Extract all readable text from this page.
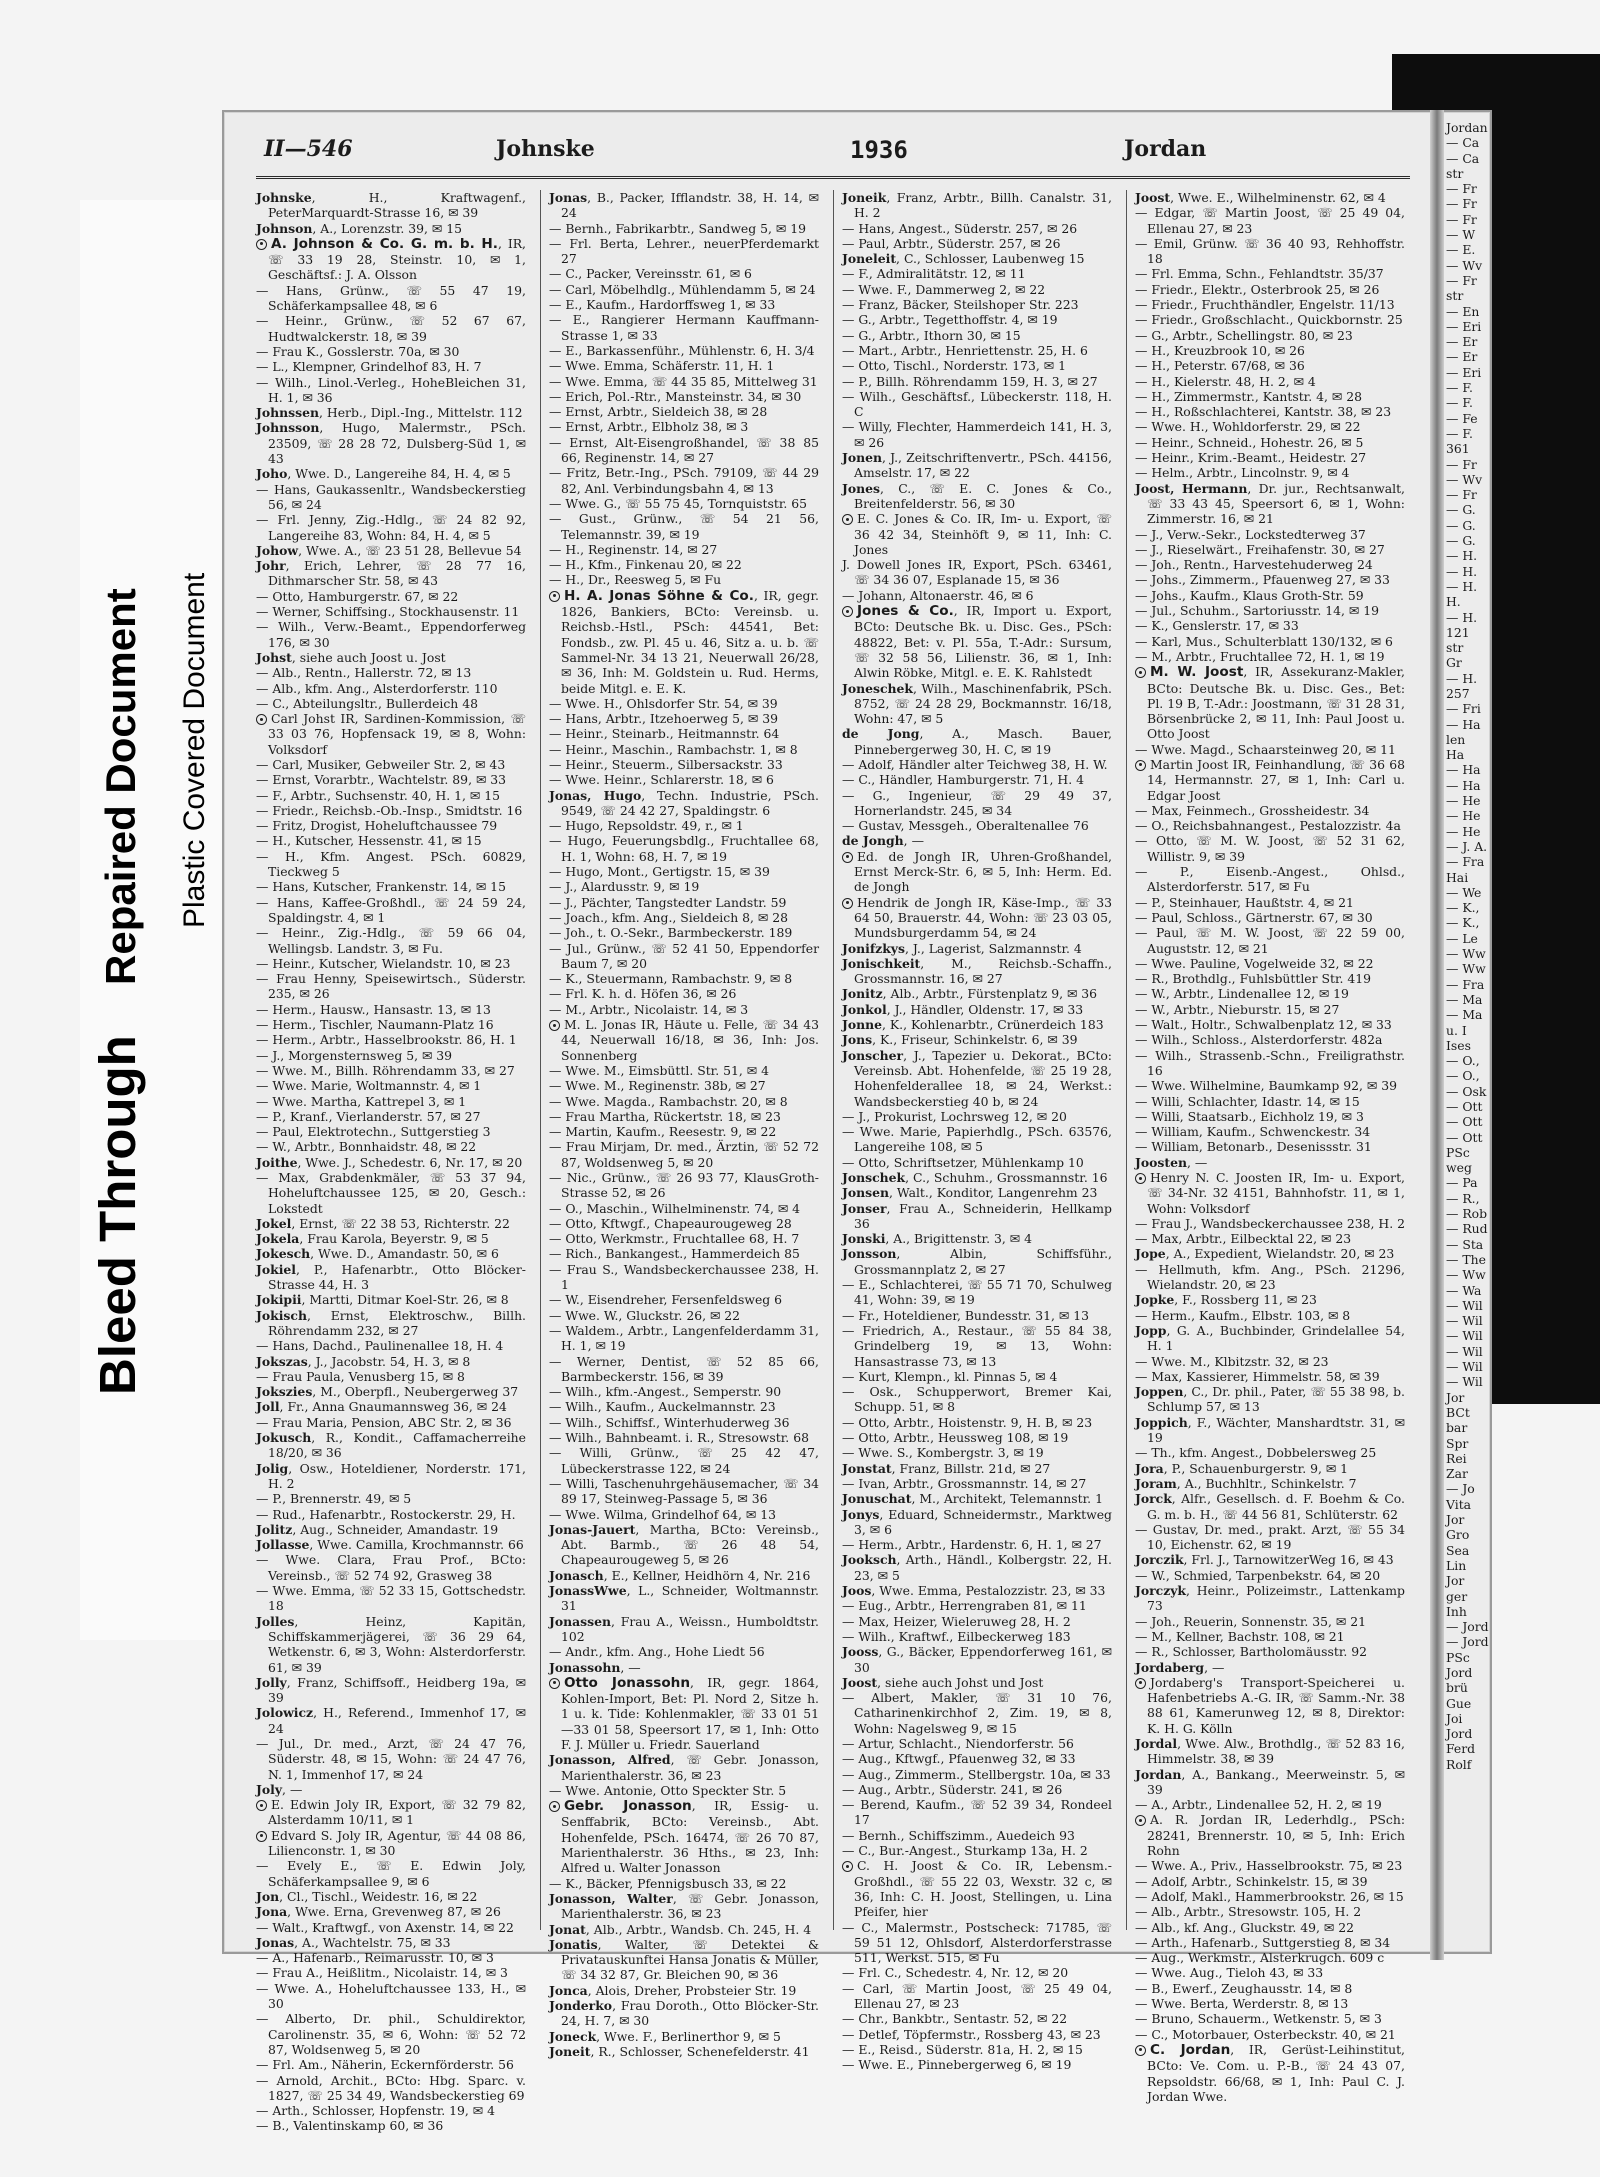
Bleed Through
Repaired Document Plastic Covered Document
II—546	Johnske	1936	Jordan

Johnske, H., Kraftwagenf., PeterMarquardt-Strasse 16, ✉ 39

Johnson, A., Lorenzstr. 39, ✉ 15

A. Johnson & Co. G. m. b. H., IR, ☏ 33 19 28, Steinstr. 10, ✉ 1, Geschäftsf.: J. A. Olsson

— Hans, Grünw., ☏ 55 47 19, Schäferkampsallee 48, ✉ 6

— Heinr., Grünw., ☏ 52 67 67, Hudtwalckerstr. 18, ✉ 39

— Frau K., Gosslerstr. 70a, ✉ 30

— L., Klempner, Grindelhof 83, H. 7

— Wilh., Linol.-Verleg., HoheBleichen 31, H. 1, ✉ 36

Johnssen, Herb., Dipl.-Ing., Mittelstr. 112

Johnsson, Hugo, Malermstr., PSch. 23509, ☏ 28 28 72, Dulsberg-Süd 1, ✉ 43

Joho, Wwe. D., Langereihe 84, H. 4, ✉ 5

— Hans, Gaukassenltr., Wandsbeckerstieg 56, ✉ 24

— Frl. Jenny, Zig.-Hdlg., ☏ 24 82 92, Langereihe 83, Wohn: 84, H. 4, ✉ 5

Johow, Wwe. A., ☏ 23 51 28, Bellevue 54

Johr, Erich, Lehrer, ☏ 28 77 16, Dithmarscher Str. 58, ✉ 43

— Otto, Hamburgerstr. 67, ✉ 22

— Werner, Schiffsing., Stockhausenstr. 11

— Wilh., Verw.-Beamt., Eppendorferweg 176, ✉ 30

Johst, siehe auch Joost u. Jost

— Alb., Rentn., Hallerstr. 72, ✉ 13

— Alb., kfm. Ang., Alsterdorferstr. 110

— C., Abteilungsltr., Bullerdeich 48

Carl Johst IR, Sardinen-Kommission, ☏ 33 03 76, Hopfensack 19, ✉ 8, Wohn: Volksdorf

— Carl, Musiker, Gebweiler Str. 2, ✉ 43

— Ernst, Vorarbtr., Wachtelstr. 89, ✉ 33

— F., Arbtr., Suchsenstr. 40, H. 1, ✉ 15

— Friedr., Reichsb.-Ob.-Insp., Smidtstr. 16

— Fritz, Drogist, Hoheluftchaussee 79

— H., Kutscher, Hessenstr. 41, ✉ 15

— H., Kfm. Angest. PSch. 60829, Tieckweg 5

— Hans, Kutscher, Frankenstr. 14, ✉ 15

— Hans, Kaffee-Großhdl., ☏ 24 59 24, Spaldingstr. 4, ✉ 1

— Heinr., Zig.-Hdlg., ☏ 59 66 04, Wellingsb. Landstr. 3, ✉ Fu.

— Heinr., Kutscher, Wielandstr. 10, ✉ 23

— Frau Henny, Speisewirtsch., Süderstr. 235, ✉ 26

— Herm., Hausw., Hansastr. 13, ✉ 13

— Herm., Tischler, Naumann-Platz 16

— Herm., Arbtr., Hasselbrookstr. 86, H. 1

— J., Morgensternsweg 5, ✉ 39

— Wwe. M., Billh. Röhrendamm 33, ✉ 27

— Wwe. Marie, Woltmannstr. 4, ✉ 1

— Wwe. Martha, Kattrepel 3, ✉ 1

— P., Kranf., Vierlanderstr. 57, ✉ 27

— Paul, Elektrotechn., Suttgerstieg 3

— W., Arbtr., Bonnhaidstr. 48, ✉ 22

Joithe, Wwe. J., Schedestr. 6, Nr. 17, ✉ 20

— Max, Grabdenkmäler, ☏ 53 37 94, Hoheluftchaussee 125, ✉ 20, Gesch.: Lokstedt

Jokel, Ernst, ☏ 22 38 53, Richterstr. 22

Jokela, Frau Karola, Beyerstr. 9, ✉ 5

Jokesch, Wwe. D., Amandastr. 50, ✉ 6

Jokiel, P., Hafenarbtr., Otto Blöcker-Strasse 44, H. 3

Jokipii, Martti, Ditmar Koel-Str. 26, ✉ 8

Jokisch, Ernst, Elektroschw., Billh. Röhrendamm 232, ✉ 27

— Hans, Dachd., Paulinenallee 18, H. 4

Jokszas, J., Jacobstr. 54, H. 3, ✉ 8

— Frau Paula, Venusberg 15, ✉ 8

Jokszies, M., Oberpfl., Neubergerweg 37

Joll, Fr., Anna Gnaumannsweg 36, ✉ 24

— Frau Maria, Pension, ABC Str. 2, ✉ 36

Jokusch, R., Kondit., Caffamacherreihe 18/20, ✉ 36

Jolig, Osw., Hoteldiener, Norderstr. 171, H. 2

— P., Brennerstr. 49, ✉ 5

— Rud., Hafenarbtr., Rostockerstr. 29, H.

Jolitz, Aug., Schneider, Amandastr. 19

Jollasse, Wwe. Camilla, Krochmannstr. 66

— Wwe. Clara, Frau Prof., BCto: Vereinsb., ☏ 52 74 92, Grasweg 38

— Wwe. Emma, ☏ 52 33 15, Gottschedstr. 18

Jolles, Heinz, Kapitän, Schiffskammerjägerei, ☏ 36 29 64, Wetkenstr. 6, ✉ 3, Wohn: Alsterdorferstr. 61, ✉ 39

Jolly, Franz, Schiffsoff., Heidberg 19a, ✉ 39

Jolowicz, H., Referend., Immenhof 17, ✉ 24

— Jul., Dr. med., Arzt, ☏ 24 47 76, Süderstr. 48, ✉ 15, Wohn: ☏ 24 47 76, N. 1, Immenhof 17, ✉ 24

Joly, —

E. Edwin Joly IR, Export, ☏ 32 79 82, Alsterdamm 10/11, ✉ 1

Edvard S. Joly IR, Agentur, ☏ 44 08 86, Lilienconstr. 1, ✉ 30

— Evely E., ☏ E. Edwin Joly, Schäferkampsallee 9, ✉ 6

Jon, Cl., Tischl., Weidestr. 16, ✉ 22

Jona, Wwe. Erna, Grevenweg 87, ✉ 26

— Walt., Kraftwgf., von Axenstr. 14, ✉ 22

Jonas, A., Wachtelstr. 75, ✉ 33

— A., Hafenarb., Reimarusstr. 10, ✉ 3

— Frau A., Heißlitm., Nicolaistr. 14, ✉ 3

— Wwe. A., Hoheluftchaussee 133, H., ✉ 30

— Alberto, Dr. phil., Schuldirektor, Carolinenstr. 35, ✉ 6, Wohn: ☏ 52 72 87, Woldsenweg 5, ✉ 20

— Frl. Am., Näherin, Eckernförderstr. 56

— Arnold, Archit., BCto: Hbg. Sparc. v. 1827, ☏ 25 34 49, Wandsbeckerstieg 69

— Arth., Schlosser, Hopfenstr. 19, ✉ 4

— B., Valentinskamp 60, ✉ 36

Jonas, B., Packer, Ifflandstr. 38, H. 14, ✉ 24

— Bernh., Fabrikarbtr., Sandweg 5, ✉ 19

— Frl. Berta, Lehrer., neuerPferdemarkt 27

— C., Packer, Vereinsstr. 61, ✉ 6

— Carl, Möbelhdlg., Mühlendamm 5, ✉ 24

— E., Kaufm., Hardorffsweg 1, ✉ 33

— E., Rangierer Hermann Kauffmann-Strasse 1, ✉ 33

— E., Barkassenführ., Mühlenstr. 6, H. 3/4

— Wwe. Emma, Schäferstr. 11, H. 1

— Wwe. Emma, ☏ 44 35 85, Mittelweg 31

— Erich, Pol.-Rtr., Mansteinstr. 34, ✉ 30

— Ernst, Arbtr., Sieldeich 38, ✉ 28

— Ernst, Arbtr., Elbholz 38, ✉ 3

— Ernst, Alt-Eisengroßhandel, ☏ 38 85 66, Reginenstr. 14, ✉ 27

— Fritz, Betr.-Ing., PSch. 79109, ☏ 44 29 82, Anl. Verbindungsbahn 4, ✉ 13

— Wwe. G., ☏ 55 75 45, Tornquiststr. 65

— Gust., Grünw., ☏ 54 21 56, Telemannstr. 39, ✉ 19

— H., Reginenstr. 14, ✉ 27

— H., Kfm., Finkenau 20, ✉ 22

— H., Dr., Reesweg 5, ✉ Fu

H. A. Jonas Söhne & Co., IR, gegr. 1826, Bankiers, BCto: Vereinsb. u. Reichsb.-Hstl., PSch: 44541, Bet: Fondsb., zw. Pl. 45 u. 46, Sitz a. u. b. ☏ Sammel-Nr. 34 13 21, Neuerwall 26/28, ✉ 36, Inh: M. Goldstein u. Rud. Herms, beide Mitgl. e. E. K.

— Wwe. H., Ohlsdorfer Str. 54, ✉ 39

— Hans, Arbtr., Itzehoerweg 5, ✉ 39

— Heinr., Steinarb., Heitmannstr. 64

— Heinr., Maschin., Rambachstr. 1, ✉ 8

— Heinr., Steuerm., Silbersackstr. 33

— Wwe. Heinr., Schlarerstr. 18, ✉ 6

Jonas, Hugo, Techn. Industrie, PSch. 9549, ☏ 24 42 27, Spaldingstr. 6

— Hugo, Repsoldstr. 49, r., ✉ 1

— Hugo, Feuerungsbdlg., Fruchtallee 68, H. 1, Wohn: 68, H. 7, ✉ 19

— Hugo, Mont., Gertigstr. 15, ✉ 39

— J., Alardusstr. 9, ✉ 19

— J., Pächter, Tangstedter Landstr. 59

— Joach., kfm. Ang., Sieldeich 8, ✉ 28

— Joh., t. O.-Sekr., Barmbeckerstr. 189

— Jul., Grünw., ☏ 52 41 50, Eppendorfer Baum 7, ✉ 20

— K., Steuermann, Rambachstr. 9, ✉ 8

— Frl. K. h. d. Höfen 36, ✉ 26

— M., Arbtr., Nicolaistr. 14, ✉ 3

M. L. Jonas IR, Häute u. Felle, ☏ 34 43 44, Neuerwall 16/18, ✉ 36, Inh: Jos. Sonnenberg

— Wwe. M., Eimsbüttl. Str. 51, ✉ 4

— Wwe. M., Reginenstr. 38b, ✉ 27

— Wwe. Magda., Rambachstr. 20, ✉ 8

— Frau Martha, Rückertstr. 18, ✉ 23

— Martin, Kaufm., Reesestr. 9, ✉ 22

— Frau Mirjam, Dr. med., Ärztin, ☏ 52 72 87, Woldsenweg 5, ✉ 20

— Nic., Grünw., ☏ 26 93 77, KlausGroth-Strasse 52, ✉ 26

— O., Maschin., Wilhelminenstr. 74, ✉ 4

— Otto, Kftwgf., Chapeaurougeweg 28

— Otto, Werkmstr., Fruchtallee 68, H. 7

— Rich., Bankangest., Hammerdeich 85

— Frau S., Wandsbeckerchaussee 238, H. 1

— W., Eisendreher, Fersenfeldsweg 6

— Wwe. W., Gluckstr. 26, ✉ 22

— Waldem., Arbtr., Langenfelderdamm 31, H. 1, ✉ 19

— Werner, Dentist, ☏ 52 85 66, Barmbeckerstr. 156, ✉ 39

— Wilh., kfm.-Angest., Semperstr. 90

— Wilh., Kaufm., Auckelmannstr. 23

— Wilh., Schiffsf., Winterhuderweg 36

— Wilh., Bahnbeamt. i. R., Stresowstr. 68

— Willi, Grünw., ☏ 25 42 47, Lübeckerstrasse 122, ✉ 24

— Willi, Taschenuhrgehäusemacher, ☏ 34 89 17, Steinweg-Passage 5, ✉ 36

— Wwe. Wilma, Grindelhof 64, ✉ 13

Jonas-Jauert, Martha, BCto: Vereinsb., Abt. Barmb., ☏ 26 48 54, Chapeaurougeweg 5, ✉ 26

Jonasch, E., Kellner, Heidhörn 4, Nr. 216

JonassWwe, L., Schneider, Woltmannstr. 31

Jonassen, Frau A., Weissn., Humboldtstr. 102

— Andr., kfm. Ang., Hohe Liedt 56

Jonassohn, —

Otto Jonassohn, IR, gegr. 1864, Kohlen-Import, Bet: Pl. Nord 2, Sitze h. 1 u. k. Tide: Kohlenmakler, ☏ 33 01 51—33 01 58, Speersort 17, ✉ 1, Inh: Otto F. J. Müller u. Friedr. Sauerland

Jonasson, Alfred, ☏ Gebr. Jonasson, Marienthalerstr. 36, ✉ 23

— Wwe. Antonie, Otto Speckter Str. 5

Gebr. Jonasson, IR, Essig- u. Senffabrik, BCto: Vereinsb., Abt. Hohenfelde, PSch. 16474, ☏ 26 70 87, Marienthalerstr. 36 Hths., ✉ 23, Inh: Alfred u. Walter Jonasson

— K., Bäcker, Pfennigsbusch 33, ✉ 22

Jonasson, Walter, ☏ Gebr. Jonasson, Marienthalerstr. 36, ✉ 23

Jonat, Alb., Arbtr., Wandsb. Ch. 245, H. 4

Jonatis, Walter, ☏ Detektei & Privatauskunftei Hansa Jonatis & Müller, ☏ 34 32 87, Gr. Bleichen 90, ✉ 36

Jonca, Alois, Dreher, Probsteier Str. 19

Jonderko, Frau Doroth., Otto Blöcker-Str. 24, H. 7, ✉ 30

Joneck, Wwe. F., Berlinerthor 9, ✉ 5

Joneit, R., Schlosser, Schenefelderstr. 41

Joneik, Franz, Arbtr., Billh. Canalstr. 31, H. 2

— Hans, Angest., Süderstr. 257, ✉ 26

— Paul, Arbtr., Süderstr. 257, ✉ 26

Joneleit, C., Schlosser, Laubenweg 15

— F., Admiralitätstr. 12, ✉ 11

— Wwe. F., Dammerweg 2, ✉ 22

— Franz, Bäcker, Steilshoper Str. 223

— G., Arbtr., Tegetthoffstr. 4, ✉ 19

— G., Arbtr., Ithorn 30, ✉ 15

— Mart., Arbtr., Henriettenstr. 25, H. 6

— Otto, Tischl., Norderstr. 173, ✉ 1

— P., Billh. Röhrendamm 159, H. 3, ✉ 27

— Wilh., Geschäftsf., Lübeckerstr. 118, H. C

— Willy, Flechter, Hammerdeich 141, H. 3, ✉ 26

Jonen, J., Zeitschriftenvertr., PSch. 44156, Amselstr. 17, ✉ 22

Jones, C., ☏ E. C. Jones & Co., Breitenfelderstr. 56, ✉ 30

E. C. Jones & Co. IR, Im- u. Export, ☏ 36 42 34, Steinhöft 9, ✉ 11, Inh: C. Jones

J. Dowell Jones IR, Export, PSch. 63461, ☏ 34 36 07, Esplanade 15, ✉ 36

— Johann, Altonaerstr. 46, ✉ 6

Jones & Co., IR, Import u. Export, BCto: Deutsche Bk. u. Disc. Ges., PSch: 48822, Bet: v. Pl. 55a, T.-Adr.: Sursum, ☏ 32 58 56, Lilienstr. 36, ✉ 1, Inh: Alwin Röbke, Mitgl. e. E. K. Rahlstedt

Joneschek, Wilh., Maschinenfabrik, PSch. 8752, ☏ 24 28 29, Bockmannstr. 16/18, Wohn: 47, ✉ 5

de Jong, A., Masch. Bauer, Pinnebergerweg 30, H. C, ✉ 19

— Adolf, Händler alter Teichweg 38, H. W.

— C., Händler, Hamburgerstr. 71, H. 4

— G., Ingenieur, ☏ 29 49 37, Hornerlandstr. 245, ✉ 34

— Gustav, Messgeh., Oberaltenallee 76

de Jongh, —

Ed. de Jongh IR, Uhren-Großhandel, Ernst Merck-Str. 6, ✉ 5, Inh: Herm. Ed. de Jongh

Hendrik de Jongh IR, Käse-Imp., ☏ 33 64 50, Brauerstr. 44, Wohn: ☏ 23 03 05, Mundsburgerdamm 54, ✉ 24

Jonifzkys, J., Lagerist, Salzmannstr. 4

Jonischkeit, M., Reichsb.-Schaffn., Grossmannstr. 16, ✉ 27

Jonitz, Alb., Arbtr., Fürstenplatz 9, ✉ 36

Jonkol, J., Händler, Oldenstr. 17, ✉ 33

Jonne, K., Kohlenarbtr., Crünerdeich 183

Jons, K., Friseur, Schinkelstr. 6, ✉ 39

Jonscher, J., Tapezier u. Dekorat., BCto: Vereinsb. Abt. Hohenfelde, ☏ 25 19 28, Hohenfelderallee 18, ✉ 24, Werkst.: Wandsbeckerstieg 40 b, ✉ 24

— J., Prokurist, Lochrsweg 12, ✉ 20

— Wwe. Marie, Papierhdlg., PSch. 63576, Langereihe 108, ✉ 5

— Otto, Schriftsetzer, Mühlenkamp 10

Jonschek, C., Schuhm., Grossmannstr. 16

Jonsen, Walt., Konditor, Langenrehm 23

Jonser, Frau A., Schneiderin, Hellkamp 36

Jonski, A., Brigittenstr. 3, ✉ 4

Jonsson, Albin, Schiffsführ., Grossmannplatz 2, ✉ 27

— E., Schlachterei, ☏ 55 71 70, Schulweg 41, Wohn: 39, ✉ 19

— Fr., Hoteldiener, Bundesstr. 31, ✉ 13

— Friedrich, A., Restaur., ☏ 55 84 38, Grindelberg 19, ✉ 13, Wohn: Hansastrasse 73, ✉ 13

— Kurt, Klempn., kl. Pinnas 5, ✉ 4

— Osk., Schupperwort, Bremer Kai, Schupp. 51, ✉ 8

— Otto, Arbtr., Hoistenstr. 9, H. B, ✉ 23

— Otto, Arbtr., Heussweg 108, ✉ 19

— Wwe. S., Kombergstr. 3, ✉ 19

Jonstat, Franz, Billstr. 21d, ✉ 27

— Ivan, Arbtr., Grossmannstr. 14, ✉ 27

Jonuschat, M., Architekt, Telemannstr. 1

Jonys, Eduard, Schneidermstr., Marktweg 3, ✉ 6

— Herm., Arbtr., Hardenstr. 6, H. 1, ✉ 27

Jooksch, Arth., Händl., Kolbergstr. 22, H. 23, ✉ 5

Joos, Wwe. Emma, Pestalozzistr. 23, ✉ 33

— Eug., Arbtr., Herrengraben 81, ✉ 11

— Max, Heizer, Wieleruweg 28, H. 2

— Wilh., Kraftwf., Eilbeckerweg 183

Jooss, G., Bäcker, Eppendorferweg 161, ✉ 30

Joost, siehe auch Johst und Jost

— Albert, Makler, ☏ 31 10 76, Catharinenkirchhof 2, Zim. 19, ✉ 8, Wohn: Nagelsweg 9, ✉ 15

— Artur, Schlacht., Niendorferstr. 56

— Aug., Kftwgf., Pfauenweg 32, ✉ 33

— Aug., Zimmerm., Stellbergstr. 10a, ✉ 33

— Aug., Arbtr., Süderstr. 241, ✉ 26

— Berend, Kaufm., ☏ 52 39 34, Rondeel 17

— Bernh., Schiffszimm., Auedeich 93

— C., Bur.-Angest., Sturkamp 13a, H. 2

C. H. Joost & Co. IR, Lebensm.-Großhdl., ☏ 55 22 03, Wexstr. 32 c, ✉ 36, Inh: C. H. Joost, Stellingen, u. Lina Pfeifer, hier

— C., Malermstr., Postscheck: 71785, ☏ 59 51 12, Ohlsdorf, Alsterdorferstrasse 511, Werkst. 515, ✉ Fu

— Frl. C., Schedestr. 4, Nr. 12, ✉ 20

— Carl, ☏ Martin Joost, ☏ 25 49 04, Ellenau 27, ✉ 23

— Chr., Bankbtr., Sentastr. 52, ✉ 22

— Detlef, Töpfermstr., Rossberg 43, ✉ 23

— E., Reisd., Süderstr. 81a, H. 2, ✉ 15

— Wwe. E., Pinnebergerweg 6, ✉ 19

Joost, Wwe. E., Wilhelminenstr. 62, ✉ 4

— Edgar, ☏ Martin Joost, ☏ 25 49 04, Ellenau 27, ✉ 23

— Emil, Grünw. ☏ 36 40 93, Rehhoffstr. 18

— Frl. Emma, Schn., Fehlandtstr. 35/37

— Friedr., Elektr., Osterbrook 25, ✉ 26

— Friedr., Fruchthändler, Engelstr. 11/13

— Friedr., Großschlacht., Quickbornstr. 25

— G., Arbtr., Schellingstr. 80, ✉ 23

— H., Kreuzbrook 10, ✉ 26

— H., Peterstr. 67/68, ✉ 36

— H., Kielerstr. 48, H. 2, ✉ 4

— H., Zimmermstr., Kantstr. 4, ✉ 28

— H., Roßschlachterei, Kantstr. 38, ✉ 23

— Wwe. H., Wohldorferstr. 29, ✉ 22

— Heinr., Schneid., Hohestr. 26, ✉ 5

— Heinr., Krim.-Beamt., Heidestr. 27

— Helm., Arbtr., Lincolnstr. 9, ✉ 4

Joost, Hermann, Dr. jur., Rechtsanwalt, ☏ 33 43 45, Speersort 6, ✉ 1, Wohn: Zimmerstr. 16, ✉ 21

— J., Verw.-Sekr., Lockstedterweg 37

— J., Rieselwärt., Freihafenstr. 30, ✉ 27

— Joh., Rentn., Harvestehuderweg 24

— Johs., Zimmerm., Pfauenweg 27, ✉ 33

— Johs., Kaufm., Klaus Groth-Str. 59

— Jul., Schuhm., Sartoriusstr. 14, ✉ 19

— K., Genslerstr. 17, ✉ 33

— Karl, Mus., Schulterblatt 130/132, ✉ 6

— M., Arbtr., Fruchtallee 72, H. 1, ✉ 19

M. W. Joost, IR, Assekuranz-Makler, BCto: Deutsche Bk. u. Disc. Ges., Bet: Pl. 19 B, T.-Adr.: Joostmann, ☏ 31 28 31, Börsenbrücke 2, ✉ 11, Inh: Paul Joost u. Otto Joost

— Wwe. Magd., Schaarsteinweg 20, ✉ 11

Martin Joost IR, Feinhandlung, ☏ 36 68 14, Hermannstr. 27, ✉ 1, Inh: Carl u. Edgar Joost

— Max, Feinmech., Grossheidestr. 34

— O., Reichsbahnangest., Pestalozzistr. 4a

— Otto, ☏ M. W. Joost, ☏ 52 31 62, Willistr. 9, ✉ 39

— P., Eisenb.-Angest., Ohlsd., Alsterdorferstr. 517, ✉ Fu

— P., Steinhauer, Haußtstr. 4, ✉ 21

— Paul, Schloss., Gärtnerstr. 67, ✉ 30

— Paul, ☏ M. W. Joost, ☏ 22 59 00, Auguststr. 12, ✉ 21

— Wwe. Pauline, Vogelweide 32, ✉ 22

— R., Brothdlg., Fuhlsbüttler Str. 419

— W., Arbtr., Lindenallee 12, ✉ 19

— W., Arbtr., Nieburstr. 15, ✉ 27

— Walt., Holtr., Schwalbenplatz 12, ✉ 33

— Wilh., Schloss., Alsterdorferstr. 482a

— Wilh., Strassenb.-Schn., Freiligrathstr. 16

— Wwe. Wilhelmine, Baumkamp 92, ✉ 39

— Willi, Schlachter, Idastr. 14, ✉ 15

— Willi, Staatsarb., Eichholz 19, ✉ 3

— William, Kaufm., Schwenckestr. 34

— William, Betonarb., Desenissstr. 31

Joosten, —

Henry N. C. Joosten IR, Im- u. Export, ☏ 34-Nr. 32 4151, Bahnhofstr. 11, ✉ 1, Wohn: Volksdorf

— Frau J., Wandsbeckerchaussee 238, H. 2

— Max, Arbtr., Eilbecktal 22, ✉ 23

Jope, A., Expedient, Wielandstr. 20, ✉ 23

— Hellmuth, kfm. Ang., PSch. 21296, Wielandstr. 20, ✉ 23

Jopke, F., Rossberg 11, ✉ 23

— Herm., Kaufm., Elbstr. 103, ✉ 8

Jopp, G. A., Buchbinder, Grindelallee 54, H. 1

— Wwe. M., Klbitzstr. 32, ✉ 23

— Max, Kassierer, Himmelstr. 58, ✉ 39

Joppen, C., Dr. phil., Pater, ☏ 55 38 98, b. Schlump 57, ✉ 13

Joppich, F., Wächter, Manshardtstr. 31, ✉ 19

— Th., kfm. Angest., Dobbelersweg 25

Jora, P., Schauenburgerstr. 9, ✉ 1

Joram, A., Buchhltr., Schinkelstr. 7

Jorck, Alfr., Gesellsch. d. F. Boehm & Co. G. m. b. H., ☏ 44 56 81, Schlüterstr. 62

— Gustav, Dr. med., prakt. Arzt, ☏ 55 34 10, Eichenstr. 62, ✉ 19

Jorczik, Frl. J., TarnowitzerWeg 16, ✉ 43

— W., Schmied, Tarpenbekstr. 64, ✉ 20

Jorczyk, Heinr., Polizeimstr., Lattenkamp 73

— Joh., Reuerin, Sonnenstr. 35, ✉ 21

— M., Kellner, Bachstr. 108, ✉ 21

— R., Schlosser, Bartholomäusstr. 92

Jordaberg, —

Jordaberg's Transport-Speicherei u. Hafenbetriebs A.-G. IR, ☏ Samm.-Nr. 38 88 61, Kamerunweg 12, ✉ 8, Direktor: K. H. G. Kölln

Jordal, Wwe. Alw., Brothdlg., ☏ 52 83 16, Himmelstr. 38, ✉ 39

Jordan, A., Bankang., Meerweinstr. 5, ✉ 39

— A., Arbtr., Lindenallee 52, H. 2, ✉ 19

A. R. Jordan IR, Lederhdlg., PSch: 28241, Brennerstr. 10, ✉ 5, Inh: Erich Rohn

— Wwe. A., Priv., Hasselbrookstr. 75, ✉ 23

— Adolf, Arbtr., Schinkelstr. 15, ✉ 39

— Adolf, Makl., Hammerbrookstr. 26, ✉ 15

— Alb., Arbtr., Stresowstr. 105, H. 2

— Alb., kf. Ang., Gluckstr. 49, ✉ 22

— Arth., Hafenarb., Suttgerstieg 8, ✉ 34

— Aug., Werkmstr., Alsterkrugch. 609 c

— Wwe. Aug., Tieloh 43, ✉ 33

— B., Ewerf., Zeughausstr. 14, ✉ 8

— Wwe. Berta, Werderstr. 8, ✉ 13

— Bruno, Schauerm., Wetkenstr. 5, ✉ 3

— C., Motorbauer, Osterbeckstr. 40, ✉ 21

C. Jordan, IR, Gerüst-Leihinstitut, BCto: Ve. Com. u. P.-B., ☏ 24 43 07, Repsoldstr. 66/68, ✉ 1, Inh: Paul C. J. Jordan Wwe.

Jordan
— Ca
— Ca
str
— Fr
— Fr
— Fr
— W
— E.
— Wv
— Fr
str
— En
— Eri
— Er
— Er
— Eri
— F.
— F.
— Fe
— F.
361
— Fr
— Wv
— Fr
— G.
— G.
— G.
— H.
— H.
— H.
H.
— H.
121
str
Gr
— H.
257
— Fri
— Ha
len
Ha
— Ha
— Ha
— He
— He
— He
— J. A.
— Fra
Hai
— We
— K.,
— K.,
— Le
— Ww
— Ww
— Fra
— Ma
— Ma
u. I
Ises
— O.,
— O.,
— Osk
— Ott
— Ott
— Ott
PSc
weg
— Pa
— R.,
— Rob
— Rud
— Sta
— The
— Ww
— Wa
— Wil
— Wil
— Wil
— Wil
— Wil
— Wil
Jor
BCt
bar
Spr
Rei
Zar
— Jo
Vita
Jor
Gro
Sea
Lin
Jor
ger
Inh
— Jord
— Jord
PSc
Jord
brü
Gue
Joi
Jord
Ferd
Rolf
